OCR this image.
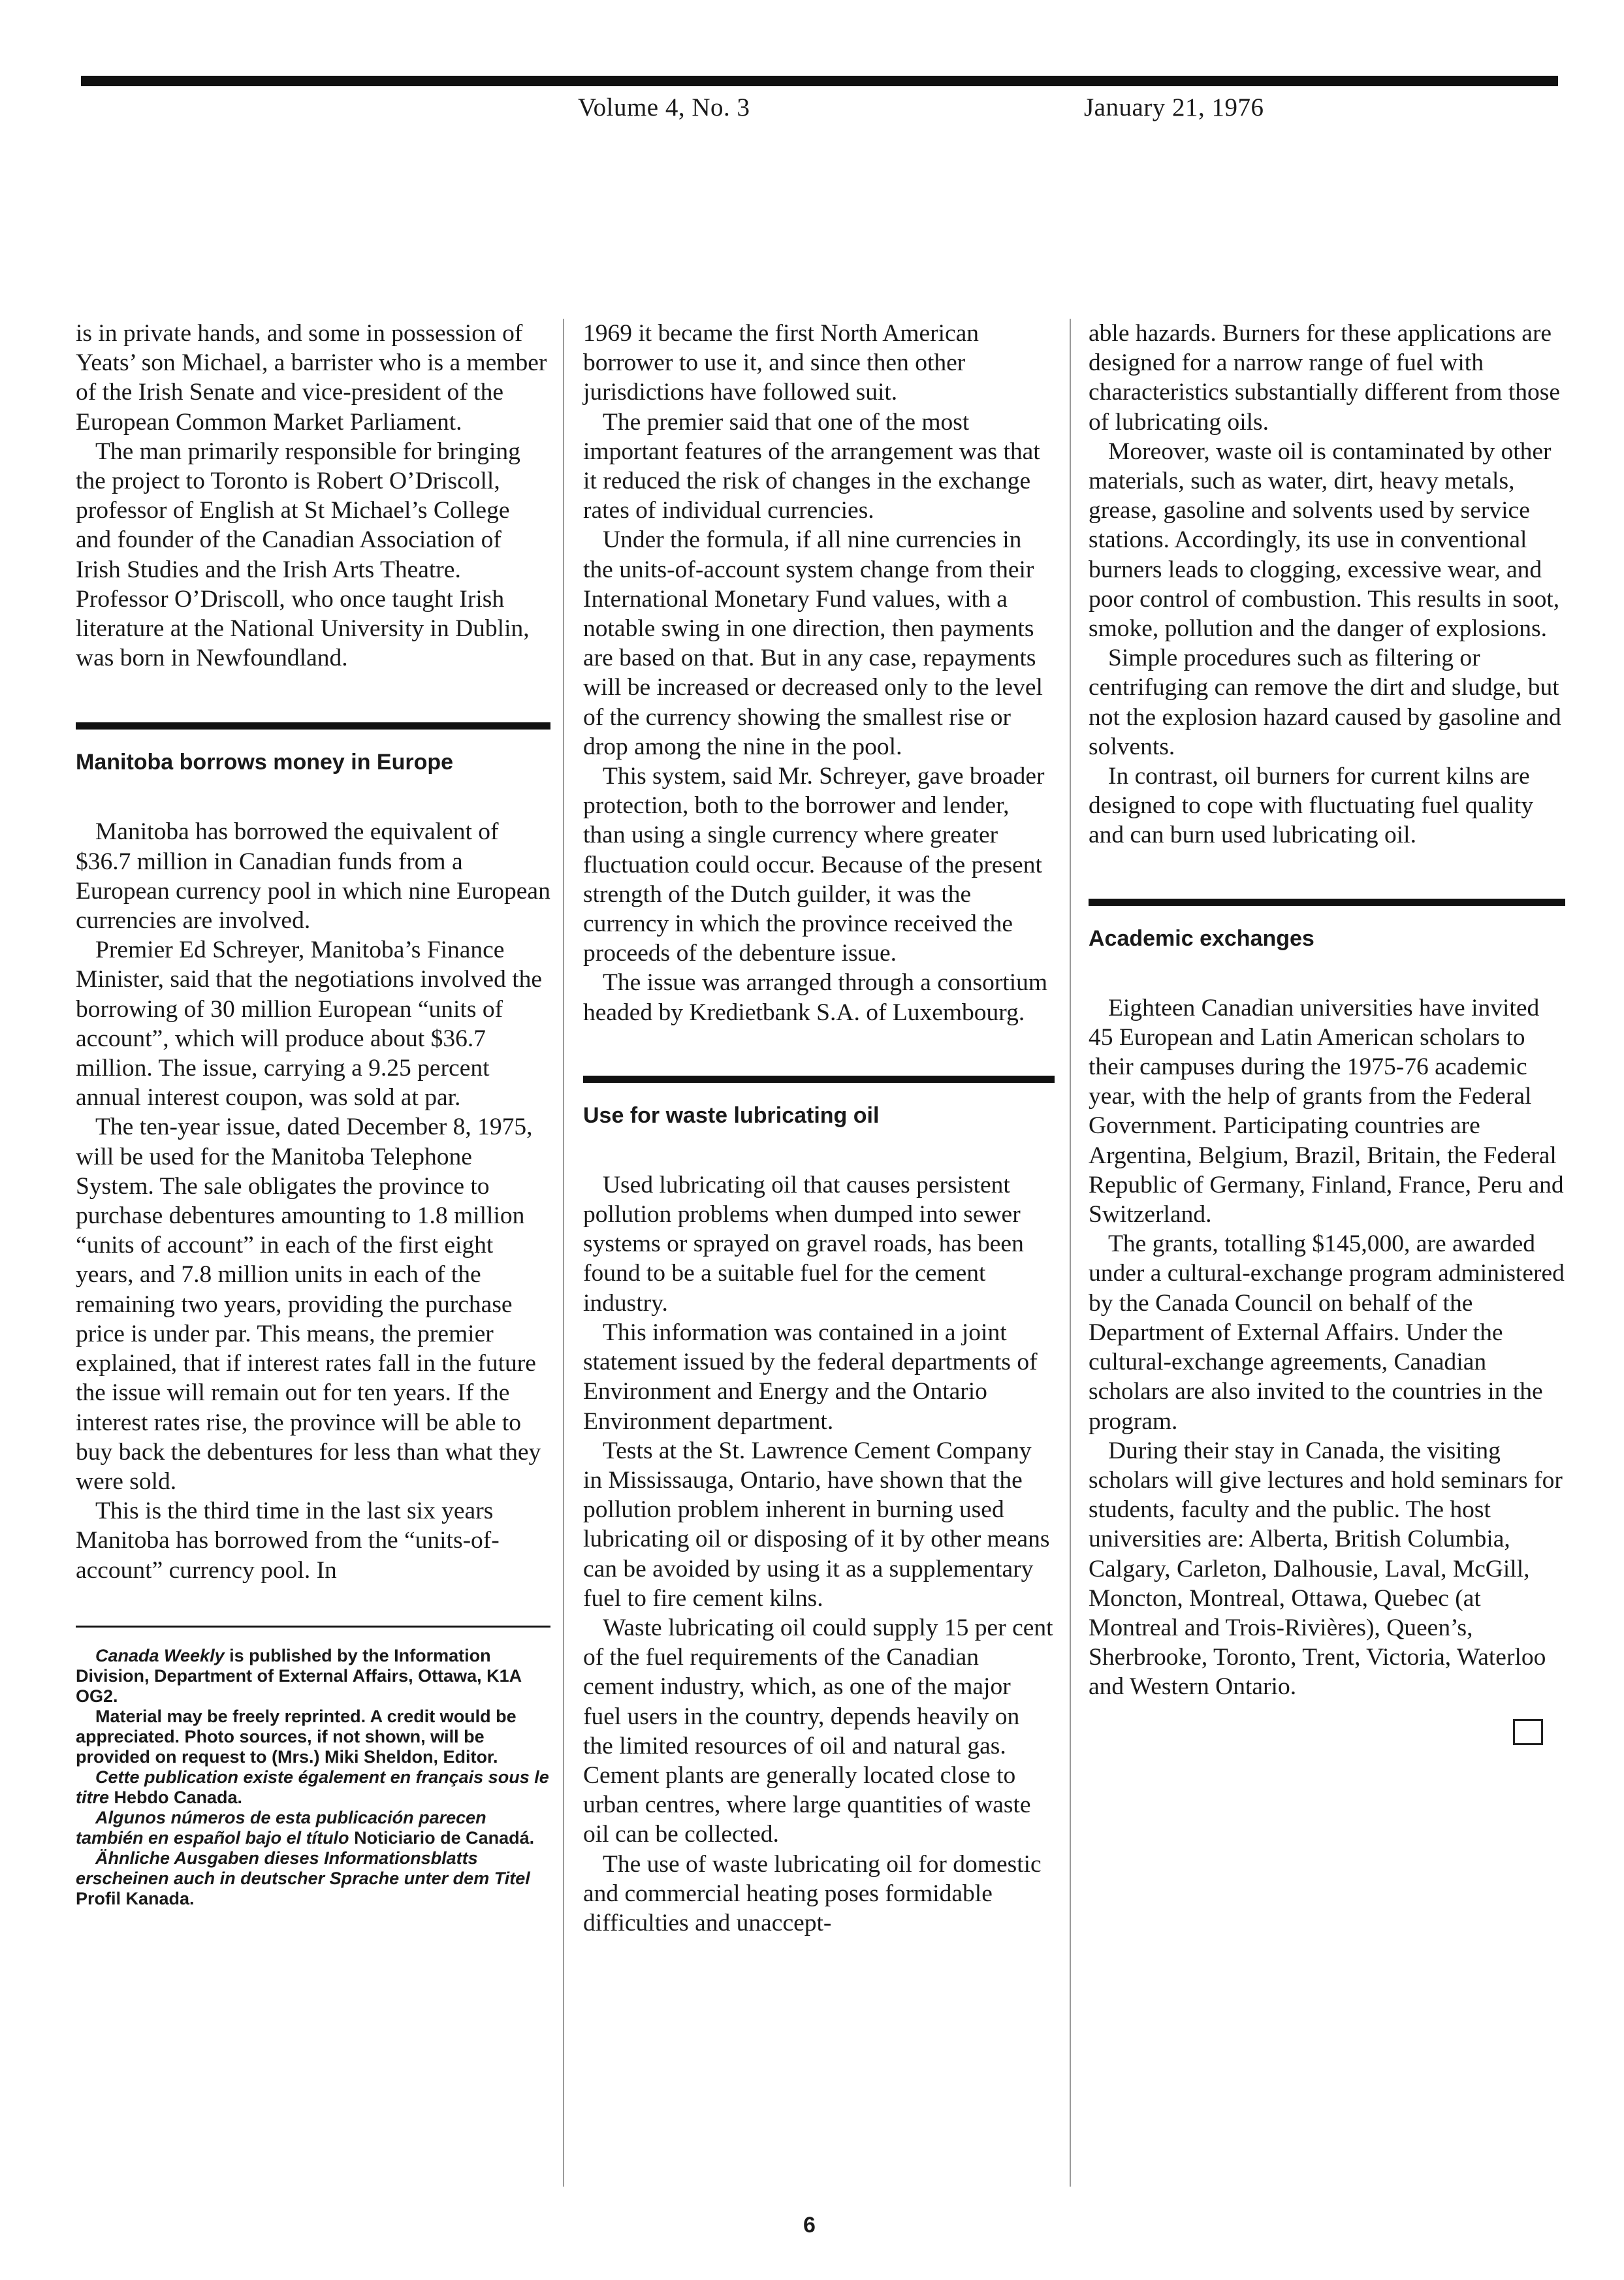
Volume 4, No. 3	January 21, 1976

is in private hands, and some in possession of Yeats’ son Michael, a barrister who is a member of the Irish Senate and vice-president of the European Common Market Parliament.

The man primarily responsible for bringing the project to Toronto is Robert O’Driscoll, professor of English at St Michael’s College and founder of the Canadian Association of Irish Studies and the Irish Arts Theatre. Professor O’Driscoll, who once taught Irish literature at the National University in Dublin, was born in Newfoundland.

Manitoba borrows money in Europe

Manitoba has borrowed the equivalent of $36.7 million in Canadian funds from a European currency pool in which nine European currencies are involved.

Premier Ed Schreyer, Manitoba’s Finance Minister, said that the negotiations involved the borrowing of 30 million European “units of account”, which will produce about $36.7 million. The issue, carrying a 9.25 percent annual interest coupon, was sold at par.

The ten-year issue, dated December 8, 1975, will be used for the Manitoba Telephone System. The sale obligates the province to purchase debentures amounting to 1.8 million “units of account” in each of the first eight years, and 7.8 million units in each of the remaining two years, providing the purchase price is under par. This means, the premier explained, that if interest rates fall in the future the issue will remain out for ten years. If the interest rates rise, the province will be able to buy back the debentures for less than what they were sold.

This is the third time in the last six years Manitoba has borrowed from the “units-of-account” currency pool. In

Canada Weekly is published by the Information Division, Department of External Affairs, Ottawa, K1A OG2.

Material may be freely reprinted. A credit would be appreciated. Photo sources, if not shown, will be provided on request to (Mrs.) Miki Sheldon, Editor.

Cette publication existe également en français sous le titre Hebdo Canada.

Algunos números de esta publicación parecen también en español bajo el título Noticiario de Canadá.

Ähnliche Ausgaben dieses Informationsblatts erscheinen auch in deutscher Sprache unter dem Titel Profil Kanada.

1969 it became the first North American borrower to use it, and since then other jurisdictions have followed suit.

The premier said that one of the most important features of the arrangement was that it reduced the risk of changes in the exchange rates of individual currencies.

Under the formula, if all nine currencies in the units-of-account system change from their International Monetary Fund values, with a notable swing in one direction, then payments are based on that. But in any case, repayments will be increased or decreased only to the level of the currency showing the smallest rise or drop among the nine in the pool.

This system, said Mr. Schreyer, gave broader protection, both to the borrower and lender, than using a single currency where greater fluctuation could occur. Because of the present strength of the Dutch guilder, it was the currency in which the province received the proceeds of the debenture issue.

The issue was arranged through a consortium headed by Kredietbank S.A. of Luxembourg.

Use for waste lubricating oil

Used lubricating oil that causes persistent pollution problems when dumped into sewer systems or sprayed on gravel roads, has been found to be a suitable fuel for the cement industry.

This information was contained in a joint statement issued by the federal departments of Environment and Energy and the Ontario Environment department.

Tests at the St. Lawrence Cement Company in Mississauga, Ontario, have shown that the pollution problem inherent in burning used lubricating oil or disposing of it by other means can be avoided by using it as a supplementary fuel to fire cement kilns.

Waste lubricating oil could supply 15 per cent of the fuel requirements of the Canadian cement industry, which, as one of the major fuel users in the country, depends heavily on the limited resources of oil and natural gas. Cement plants are generally located close to urban centres, where large quantities of waste oil can be collected.

The use of waste lubricating oil for domestic and commercial heating poses formidable difficulties and unaccept-

able hazards. Burners for these applications are designed for a narrow range of fuel with characteristics substantially different from those of lubricating oils.

Moreover, waste oil is contaminated by other materials, such as water, dirt, heavy metals, grease, gasoline and solvents used by service stations. Accordingly, its use in conventional burners leads to clogging, excessive wear, and poor control of combustion. This results in soot, smoke, pollution and the danger of explosions.

Simple procedures such as filtering or centrifuging can remove the dirt and sludge, but not the explosion hazard caused by gasoline and solvents.

In contrast, oil burners for current kilns are designed to cope with fluctuating fuel quality and can burn used lubricating oil.

Academic exchanges

Eighteen Canadian universities have invited 45 European and Latin American scholars to their campuses during the 1975-76 academic year, with the help of grants from the Federal Government. Participating countries are Argentina, Belgium, Brazil, Britain, the Federal Republic of Germany, Finland, France, Peru and Switzerland.

The grants, totalling $145,000, are awarded under a cultural-exchange program administered by the Canada Council on behalf of the Department of External Affairs. Under the cultural-exchange agreements, Canadian scholars are also invited to the countries in the program.

During their stay in Canada, the visiting scholars will give lectures and hold seminars for students, faculty and the public. The host universities are: Alberta, British Columbia, Calgary, Carleton, Dalhousie, Laval, McGill, Moncton, Montreal, Ottawa, Quebec (at Montreal and Trois-Rivières), Queen’s, Sherbrooke, Toronto, Trent, Victoria, Waterloo and Western Ontario.

6
